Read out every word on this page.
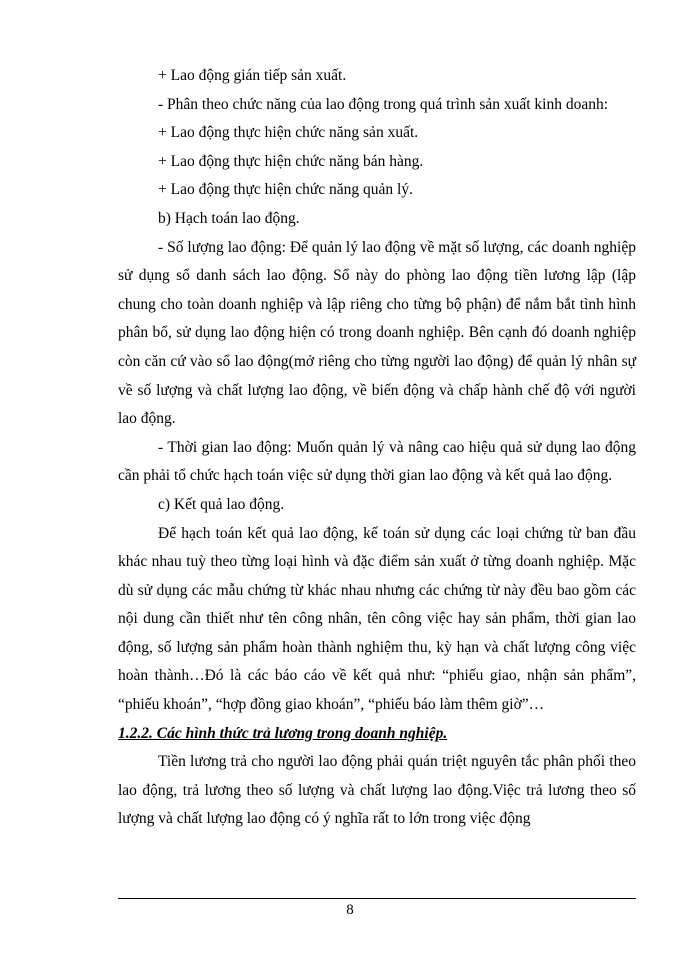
+ Lao động gián tiếp sản xuất.

- Phân theo chức năng của lao động trong quá trình sản xuất kinh doanh:

+ Lao động thực hiện chức năng sản xuất.

+ Lao động thực hiện chức năng bán hàng.

+ Lao động thực hiện chức năng quản lý.

b) Hạch toán lao động.

- Số lượng lao động: Để quản lý lao động về mặt số lượng, các doanh nghiệp sử dụng sổ danh sách lao động. Sổ này do phòng lao động tiền lương lập (lập chung cho toàn doanh nghiệp và lập riêng cho từng bộ phận) để nắm bắt tình hình phân bổ, sử dụng lao động hiện có trong doanh nghiệp. Bên cạnh đó doanh nghiệp còn căn cứ vào sổ lao động(mở riêng cho từng người lao động) để quản lý nhân sự về số lượng và chất lượng lao động, về biến động và chấp hành chế độ với người lao động.

- Thời gian lao động: Muốn quản lý và nâng cao hiệu quả sử dụng lao động cần phải tổ chức hạch toán việc sử dụng thời gian lao động và kết quả lao động.

c) Kết quả lao động.

Để hạch toán kết quả lao động, kế toán sử dụng các loại chứng từ ban đầu khác nhau tuỳ theo từng loại hình và đặc điểm sản xuất ở từng doanh nghiệp. Mặc dù sử dụng các mẫu chứng từ khác nhau nhưng các chứng từ này đều bao gồm các nội dung cần thiết như tên công nhân, tên công việc hay sản phẩm, thời gian lao động, số lượng sản phẩm hoàn thành nghiệm thu, kỳ hạn và chất lượng công việc hoàn thành…Đó là các báo cáo về kết quả như: “phiếu giao, nhận sản phẩm”, “phiếu khoán”, “hợp đồng giao khoán”, “phiếu báo làm thêm giờ”…

1.2.2. Các hình thức trả lương trong doanh nghiệp.

Tiền lương trả cho người lao động phải quán triệt nguyên tắc phân phối theo lao động, trả lương theo số lượng và chất lượng lao động.Việc trả lương theo số lượng và chất lượng lao động có ý nghĩa rất to lớn trong việc động

8
